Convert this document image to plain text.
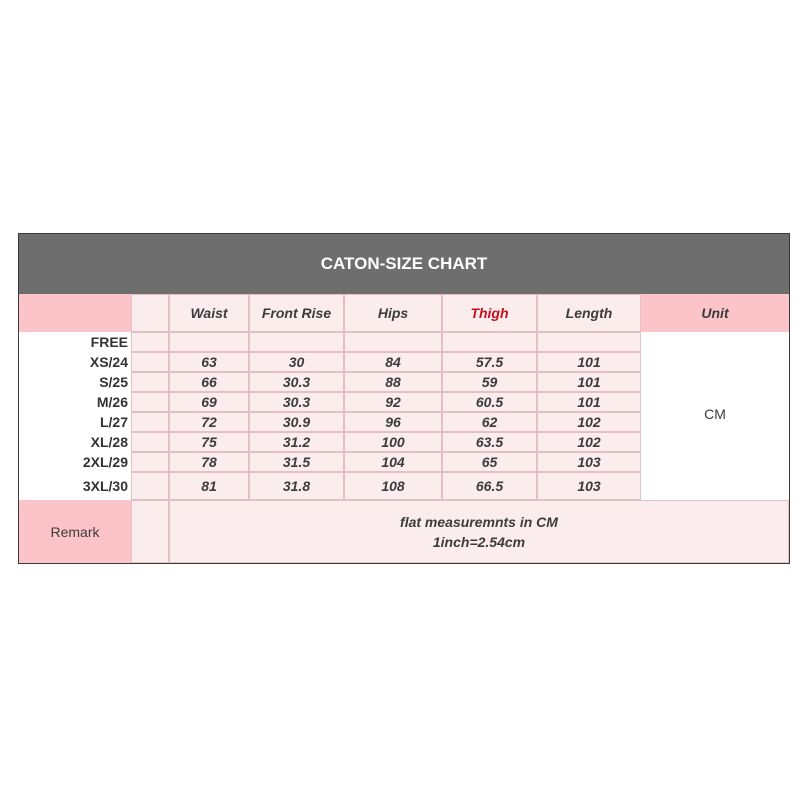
CATON-SIZE CHART
Waist	Front Rise	Hips	Thigh	Length	Unit
FREE
XS/24	63	30	84	57.5	101
S/25	66	30.3	88	59	101
M/26	69	30.3	92	60.5	101
L/27	72	30.9	96	62	102
XL/28	75	31.2	100	63.5	102
2XL/29	78	31.5	104	65	103
3XL/30	81	31.8	108	66.5	103
CM
Remark
flat measuremnts in CM
1inch=2.54cm
